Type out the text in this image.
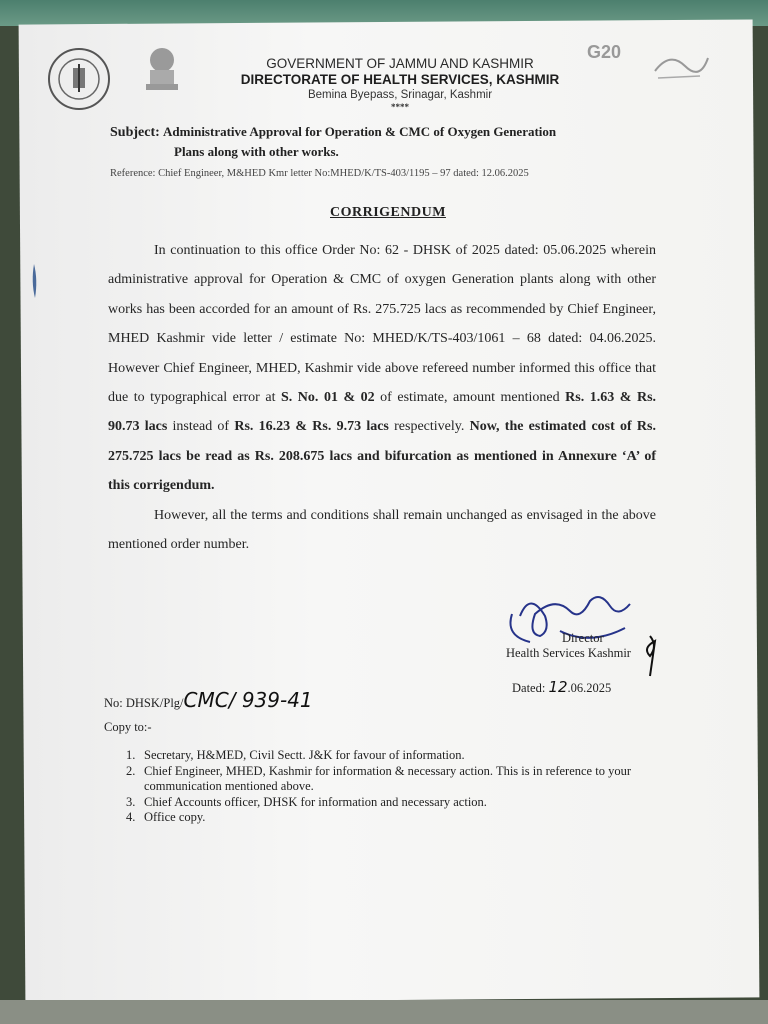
G20
GOVERNMENT OF JAMMU AND KASHMIR
DIRECTORATE OF HEALTH SERVICES, KASHMIR
Bemina Byepass, Srinagar, Kashmir
****
Subject: Administrative Approval for Operation & CMC of Oxygen Generation
Plans along with other works.
Reference: Chief Engineer, M&HED Kmr letter No:MHED/K/TS-403/1195 – 97 dated: 12.06.2025
CORRIGENDUM

In continuation to this office Order No: 62 - DHSK of 2025 dated: 05.06.2025 wherein administrative approval for Operation & CMC of oxygen Generation plants along with other works has been accorded for an amount of Rs. 275.725 lacs as recommended by Chief Engineer, MHED Kashmir vide letter / estimate No: MHED/K/TS-403/1061 – 68 dated: 04.06.2025. However Chief Engineer, MHED, Kashmir vide above refereed number informed this office that due to typographical error at S. No. 01 & 02 of estimate, amount mentioned Rs. 1.63 & Rs. 90.73 lacs instead of Rs. 16.23 & Rs. 9.73 lacs respectively. Now, the estimated cost of Rs. 275.725 lacs be read as Rs. 208.675 lacs and bifurcation as mentioned in Annexure ‘A’ of this corrigendum.

However, all the terms and conditions shall remain unchanged as envisaged in the above mentioned order number.

Director
Health Services Kashmir
Dated: 12.06.2025
No: DHSK/Plg/CMC/ 939-41
Copy to:-
1. Secretary, H&MED, Civil Sectt. J&K for favour of information.
2. Chief Engineer, MHED, Kashmir for information & necessary action. This is in reference to your communication mentioned above.
3. Chief Accounts officer, DHSK for information and necessary action.
4. Office copy.
